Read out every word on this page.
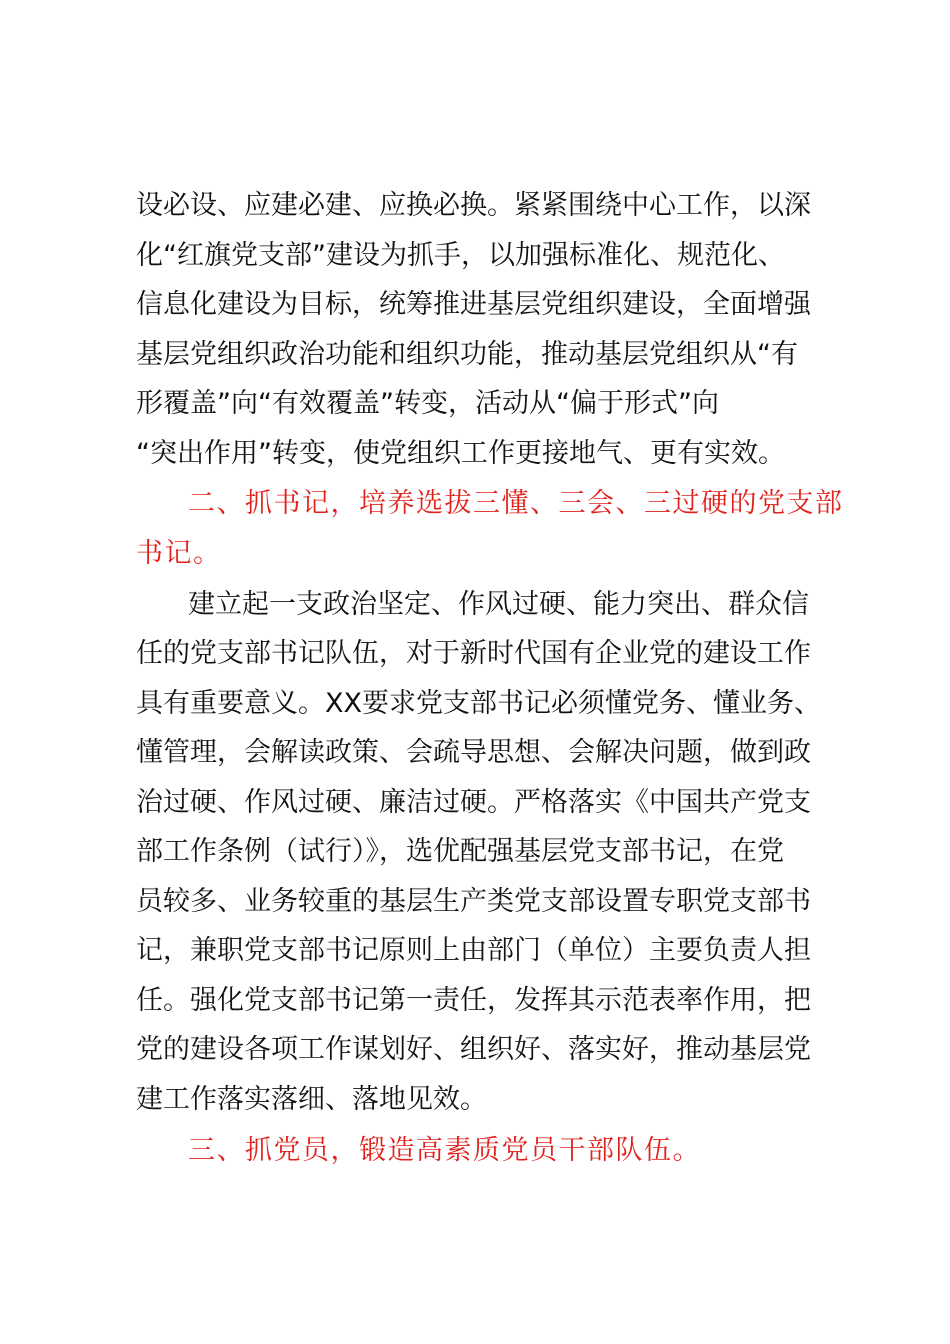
设必设、应建必建、应换必换。紧紧围绕中心工作，以深

化“红旗党支部”建设为抓手，以加强标准化、规范化、

信息化建设为目标，统筹推进基层党组织建设，全面增强

基层党组织政治功能和组织功能，推动基层党组织从“有

形覆盖”向“有效覆盖”转变，活动从“偏于形式”向

“突出作用”转变，使党组织工作更接地气、更有实效。

二、抓书记，培养选拔三懂、三会、三过硬的党支部

书记。

建立起一支政治坚定、作风过硬、能力突出、群众信

任的党支部书记队伍，对于新时代国有企业党的建设工作

具有重要意义。XX要求党支部书记必须懂党务、懂业务、

懂管理，会解读政策、会疏导思想、会解决问题，做到政

治过硬、作风过硬、廉洁过硬。严格落实《中国共产党支

部工作条例（试行）》，选优配强基层党支部书记，在党

员较多、业务较重的基层生产类党支部设置专职党支部书

记，兼职党支部书记原则上由部门（单位）主要负责人担

任。强化党支部书记第一责任，发挥其示范表率作用，把

党的建设各项工作谋划好、组织好、落实好，推动基层党

建工作落实落细、落地见效。

三、抓党员，锻造高素质党员干部队伍。
